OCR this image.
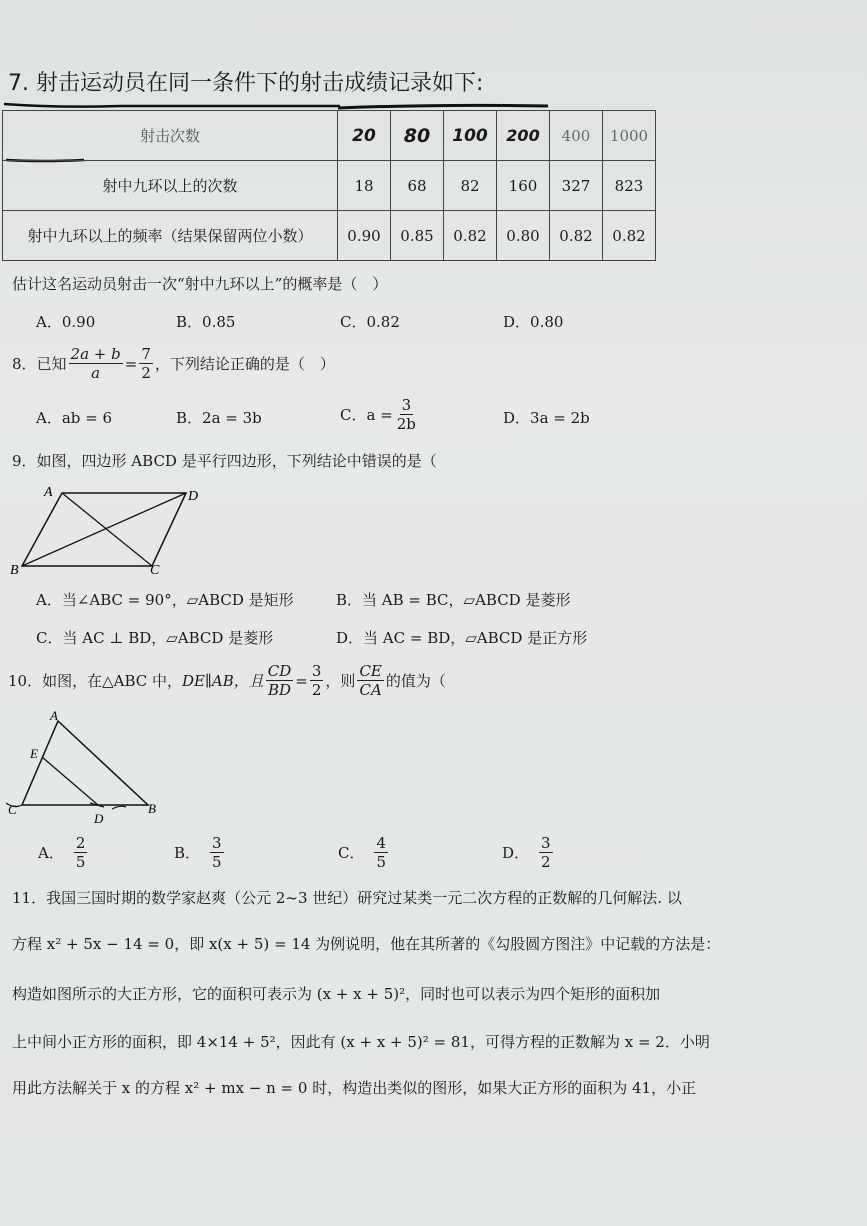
7. 射击运动员在同一条件下的射击成绩记录如下:
射击次数	20	80	100	200	400	1000
射中九环以上的次数	18	68	82	160	327	823
射中九环以上的频率（结果保留两位小数）	0.90	0.85	0.82	0.80	0.82	0.82
估计这名运动员射击一次“射中九环以上”的概率是（　）
A．0.90	B．0.85	C．0.82	D．0.80
8．已知 $\frac{2a + b}{a} = \frac{7}{2}$ ，下列结论正确的是（　）
A．ab = 6	B．2a = 3b	C．$a = \frac{3}{2b}$	D．3a = 2b
9．如图，四边形 ABCD 是平行四边形，下列结论中错误的是（
A	D
B	C
A．当∠ABC = 90°，▱ABCD 是矩形	B．当 AB = BC，▱ABCD 是菱形
C．当 AC ⊥ BD，▱ABCD 是菱形	D．当 AC = BD，▱ABCD 是正方形
10．如图，在△ABC 中， DE∥AB，且 $\frac{CD}{BD} = \frac{3}{2}$ ，则 $\frac{CE}{CA}$ 的值为（
A
E
C
D
B
A． $\frac{2}{5}$	B． $\frac{3}{5}$	C． $\frac{4}{5}$	D． $\frac{3}{2}$
11．我国三国时期的数学家赵爽（公元 2~3 世纪）研究过某类一元二次方程的正数解的几何解法. 以
方程 x² + 5x − 14 = 0，即 x(x + 5) = 14 为例说明，他在其所著的《勾股圆方图注》中记载的方法是：
构造如图所示的大正方形，它的面积可表示为 (x + x + 5)²，同时也可以表示为四个矩形的面积加
上中间小正方形的面积，即 4×14 + 5²，因此有 (x + x + 5)² = 81，可得方程的正数解为 x = 2．小明
用此方法解关于 x 的方程 x² + mx − n = 0 时，构造出类似的图形，如果大正方形的面积为 41，小正
